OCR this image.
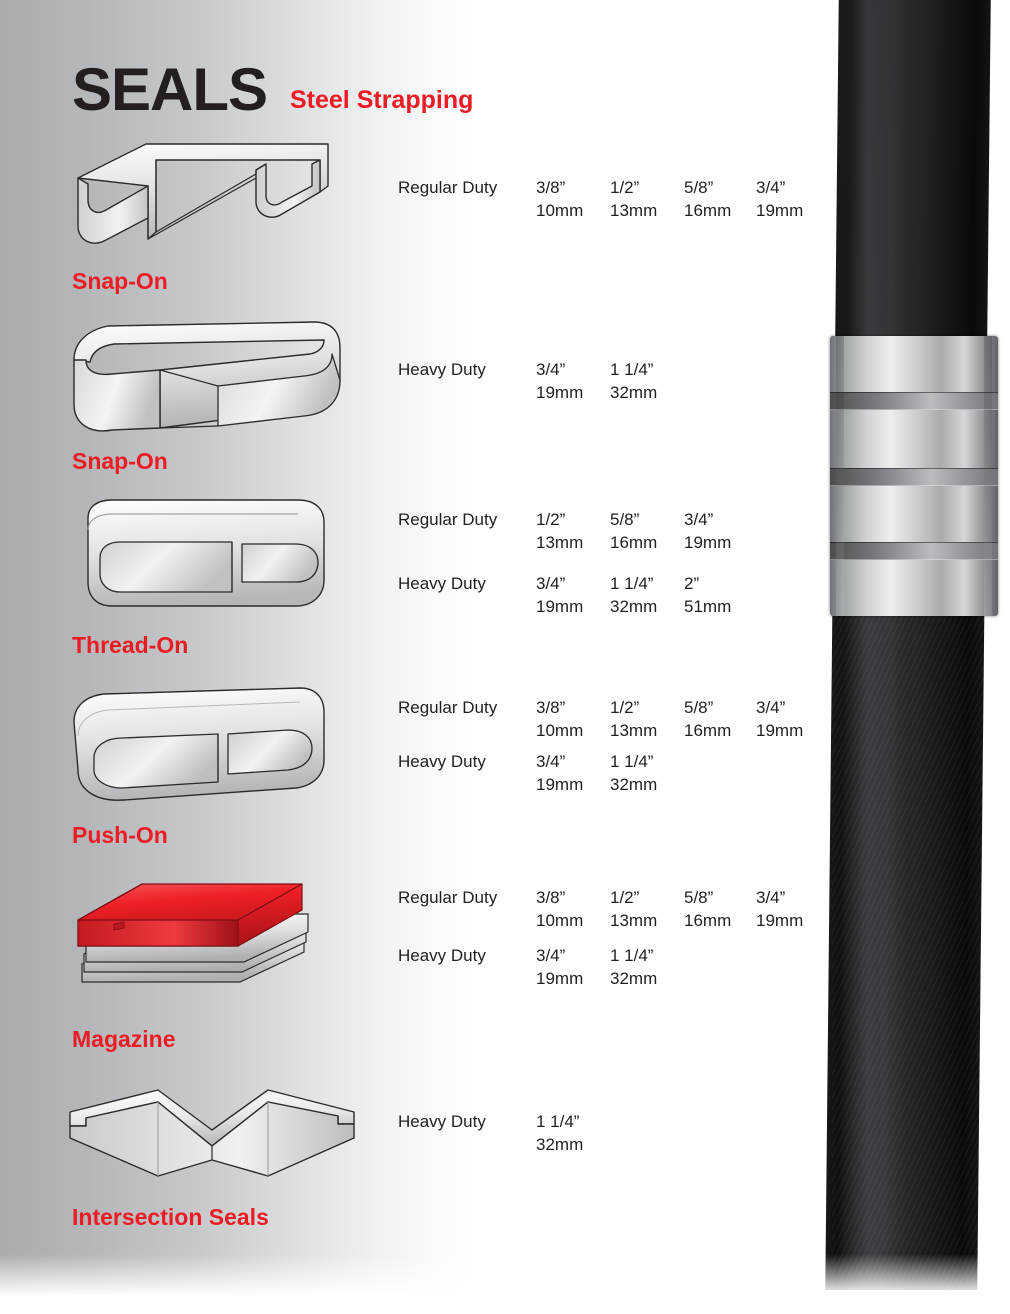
SEALS Steel Strapping
Snap-On
Regular Duty 3/8”	1/2”	5/8”	3/4”
10mm 13mm 16mm 19mm
Snap-On
Heavy Duty	3/4”	1 1/4”
19mm 32mm
Thread-On
Regular Duty 1/2”	5/8”	3/4”
13mm 16mm 19mm
Heavy Duty	3/4”	1 1/4” 2”
19mm 32mm 51mm
Push-On
Regular Duty 3/8”	1/2”	5/8”	3/4”
10mm 13mm 16mm 19mm
Heavy Duty	3/4”	1 1/4”
19mm 32mm
Magazine
Regular Duty 3/8”	1/2”	5/8”	3/4”
10mm 13mm 16mm 19mm
Heavy Duty	3/4”	1 1/4”
19mm 32mm
Intersection Seals
Heavy Duty	1 1/4”
32mm
